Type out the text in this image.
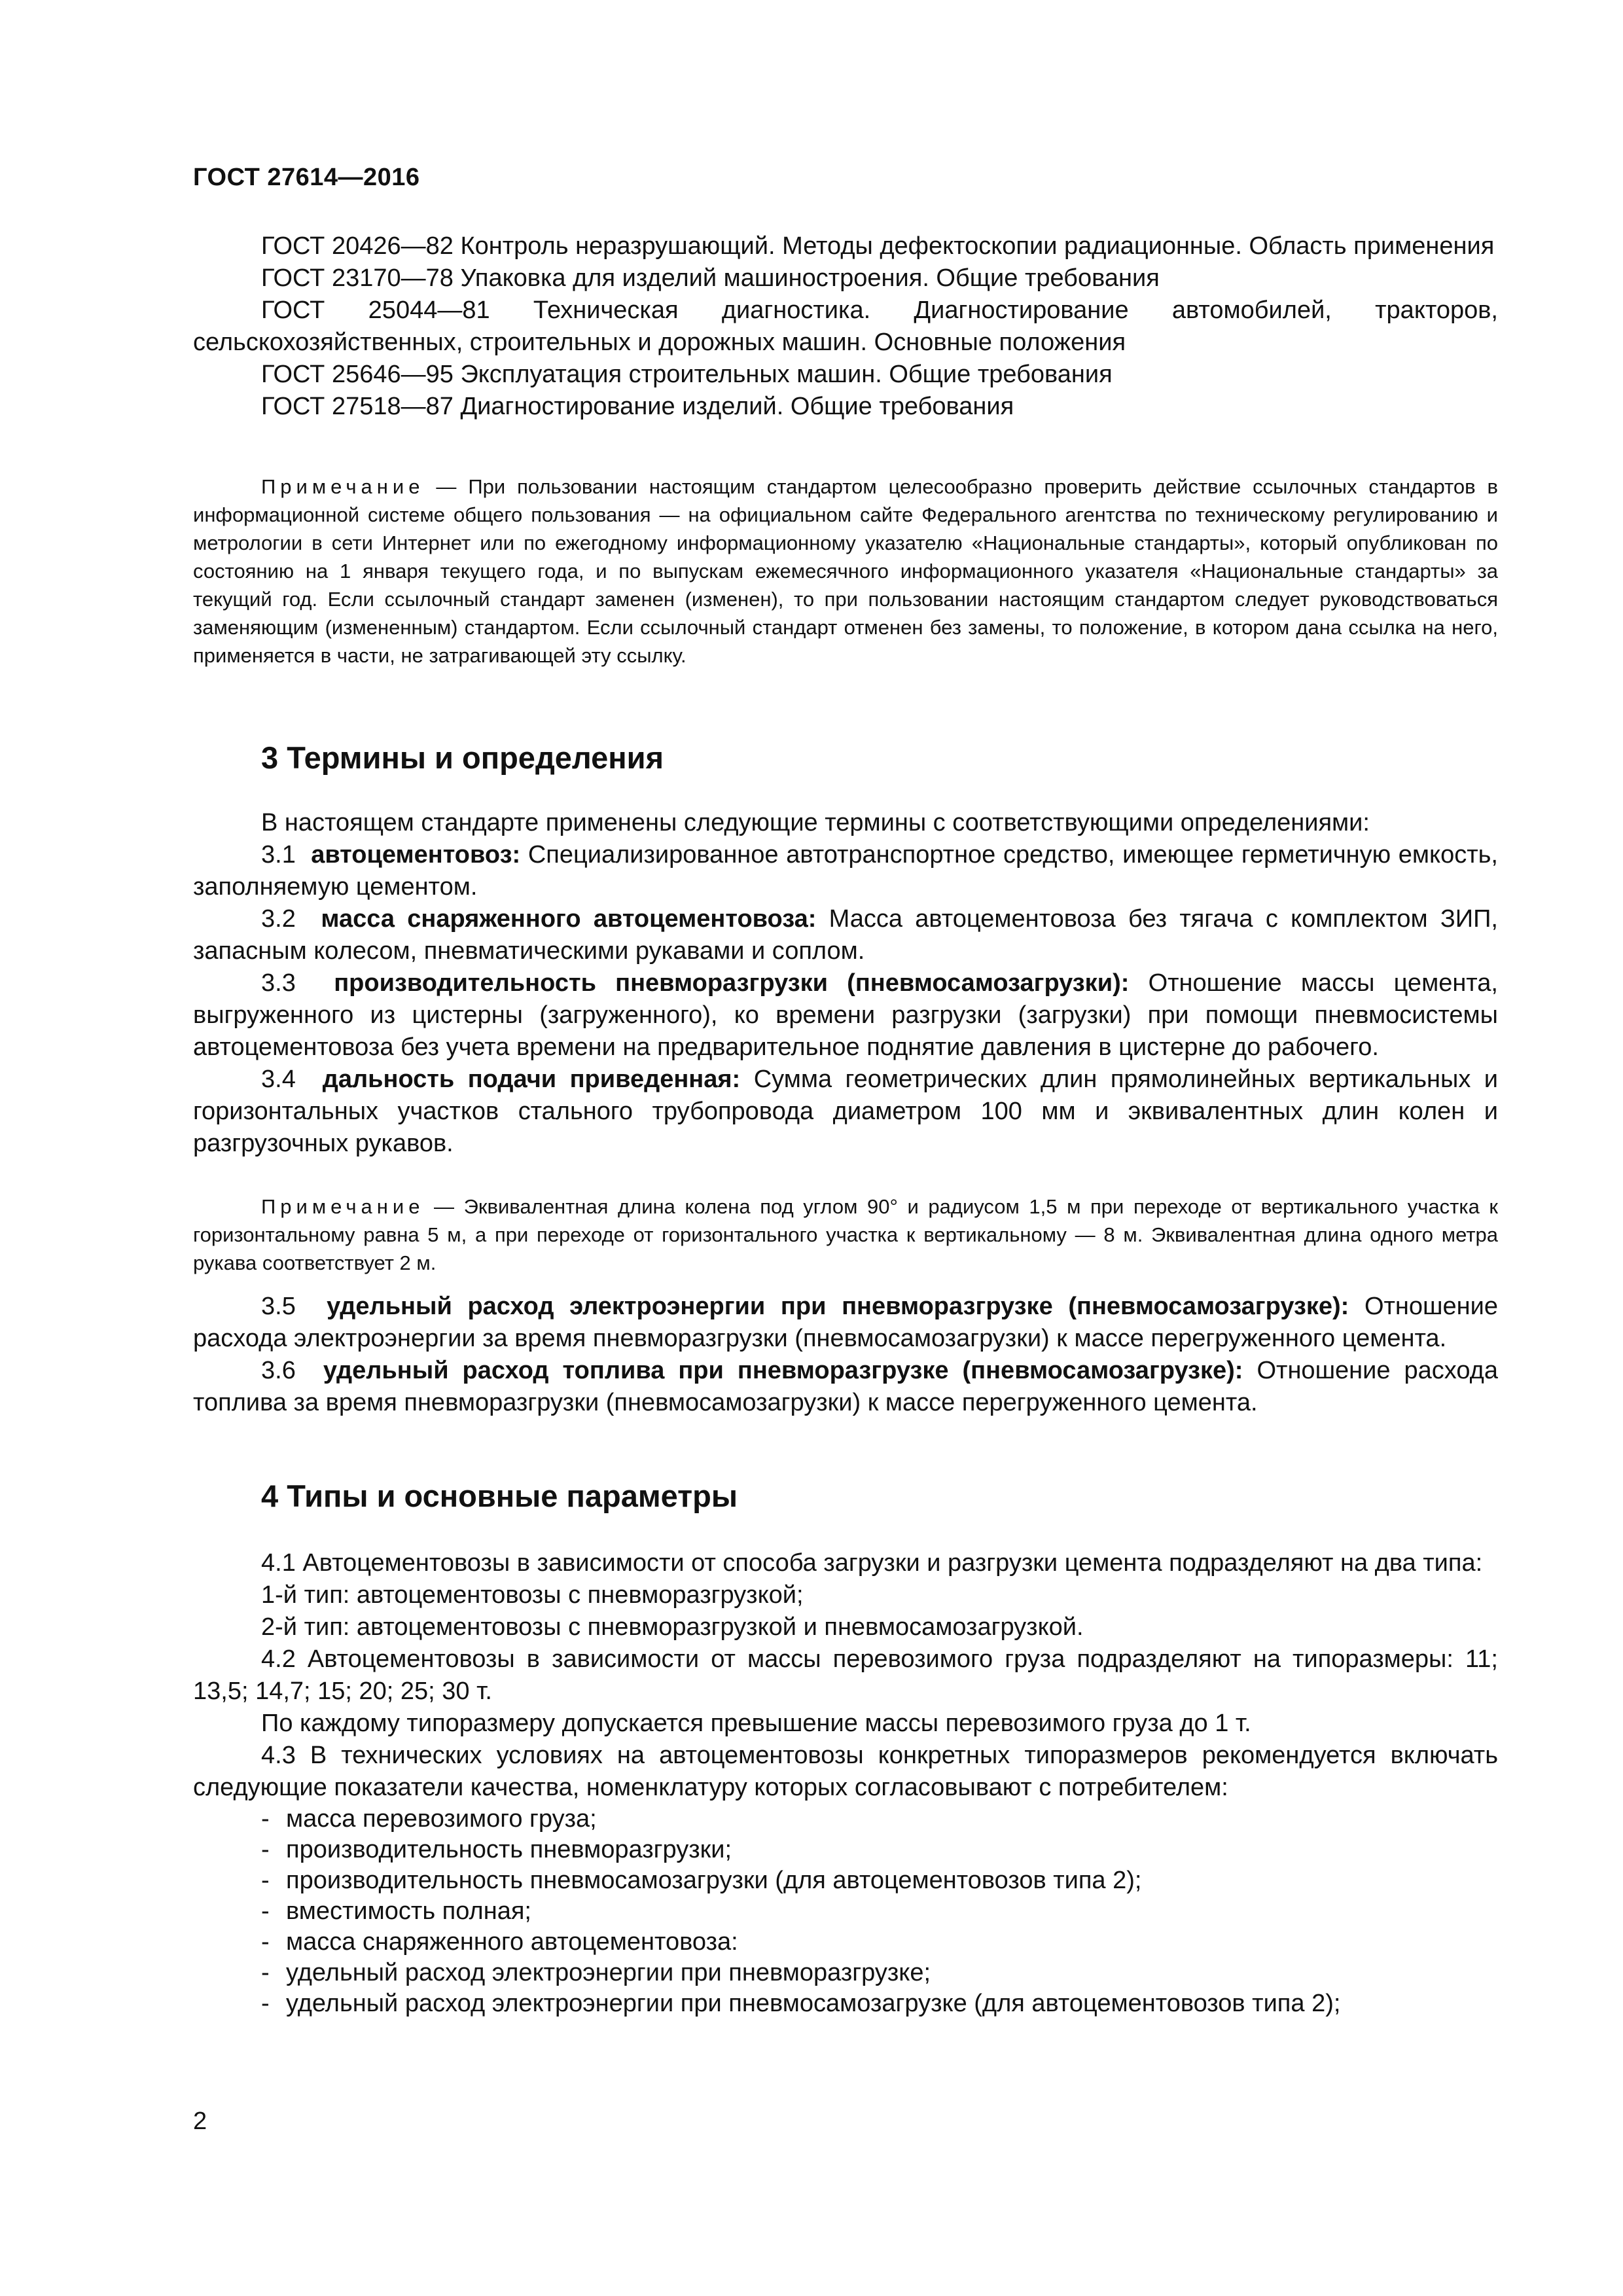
ГОСТ 27614—2016

ГОСТ 20426—82 Контроль неразрушающий. Методы дефектоскопии радиационные. Область применения

ГОСТ 23170—78 Упаковка для изделий машиностроения. Общие требования

ГОСТ 25044—81 Техническая диагностика. Диагностирование автомобилей, тракторов, сельскохозяйственных, строительных и дорожных машин. Основные положения

ГОСТ 25646—95 Эксплуатация строительных машин. Общие требования

ГОСТ 27518—87 Диагностирование изделий. Общие требования

Примечание — При пользовании настоящим стандартом целесообразно проверить действие ссылочных стандартов в информационной системе общего пользования — на официальном сайте Федерального агентства по техническому регулированию и метрологии в сети Интернет или по ежегодному информационному указателю «Национальные стандарты», который опубликован по состоянию на 1 января текущего года, и по выпускам ежемесячного информационного указателя «Национальные стандарты» за текущий год. Если ссылочный стандарт заменен (изменен), то при пользовании настоящим стандартом следует руководствоваться заменяющим (измененным) стандартом. Если ссылочный стандарт отменен без замены, то положение, в котором дана ссылка на него, применяется в части, не затрагивающей эту ссылку.

3 Термины и определения

В настоящем стандарте применены следующие термины с соответствующими определениями:

3.1 автоцементовоз: Специализированное автотранспортное средство, имеющее герметичную емкость, заполняемую цементом.

3.2 масса снаряженного автоцементовоза: Масса автоцементовоза без тягача с комплектом ЗИП, запасным колесом, пневматическими рукавами и соплом.

3.3 производительность пневморазгрузки (пневмосамозагрузки): Отношение массы цемента, выгруженного из цистерны (загруженного), ко времени разгрузки (загрузки) при помощи пневмосистемы автоцементовоза без учета времени на предварительное поднятие давления в цистерне до рабочего.

3.4 дальность подачи приведенная: Сумма геометрических длин прямолинейных вертикальных и горизонтальных участков стального трубопровода диаметром 100 мм и эквивалентных длин колен и разгрузочных рукавов.

Примечание — Эквивалентная длина колена под углом 90° и радиусом 1,5 м при переходе от вертикального участка к горизонтальному равна 5 м, а при переходе от горизонтального участка к вертикальному — 8 м. Эквивалентная длина одного метра рукава соответствует 2 м.

3.5 удельный расход электроэнергии при пневморазгрузке (пневмосамозагрузке): Отношение расхода электроэнергии за время пневморазгрузки (пневмосамозагрузки) к массе перегруженного цемента.

3.6 удельный расход топлива при пневморазгрузке (пневмосамозагрузке): Отношение расхода топлива за время пневморазгрузки (пневмосамозагрузки) к массе перегруженного цемента.

4 Типы и основные параметры

4.1 Автоцементовозы в зависимости от способа загрузки и разгрузки цемента подразделяют на два типа:

1-й тип: автоцементовозы с пневморазгрузкой;

2-й тип: автоцементовозы с пневморазгрузкой и пневмосамозагрузкой.

4.2 Автоцементовозы в зависимости от массы перевозимого груза подразделяют на типоразмеры: 11; 13,5; 14,7; 15; 20; 25; 30 т.

По каждому типоразмеру допускается превышение массы перевозимого груза до 1 т.

4.3 В технических условиях на автоцементовозы конкретных типоразмеров рекомендуется включать следующие показатели качества, номенклатуру которых согласовывают с потребителем:

- масса перевозимого груза;

- производительность пневморазгрузки;

- производительность пневмосамозагрузки (для автоцементовозов типа 2);

- вместимость полная;

- масса снаряженного автоцементовоза:

- удельный расход электроэнергии при пневморазгрузке;

- удельный расход электроэнергии при пневмосамозагрузке (для автоцементовозов типа 2);

2
